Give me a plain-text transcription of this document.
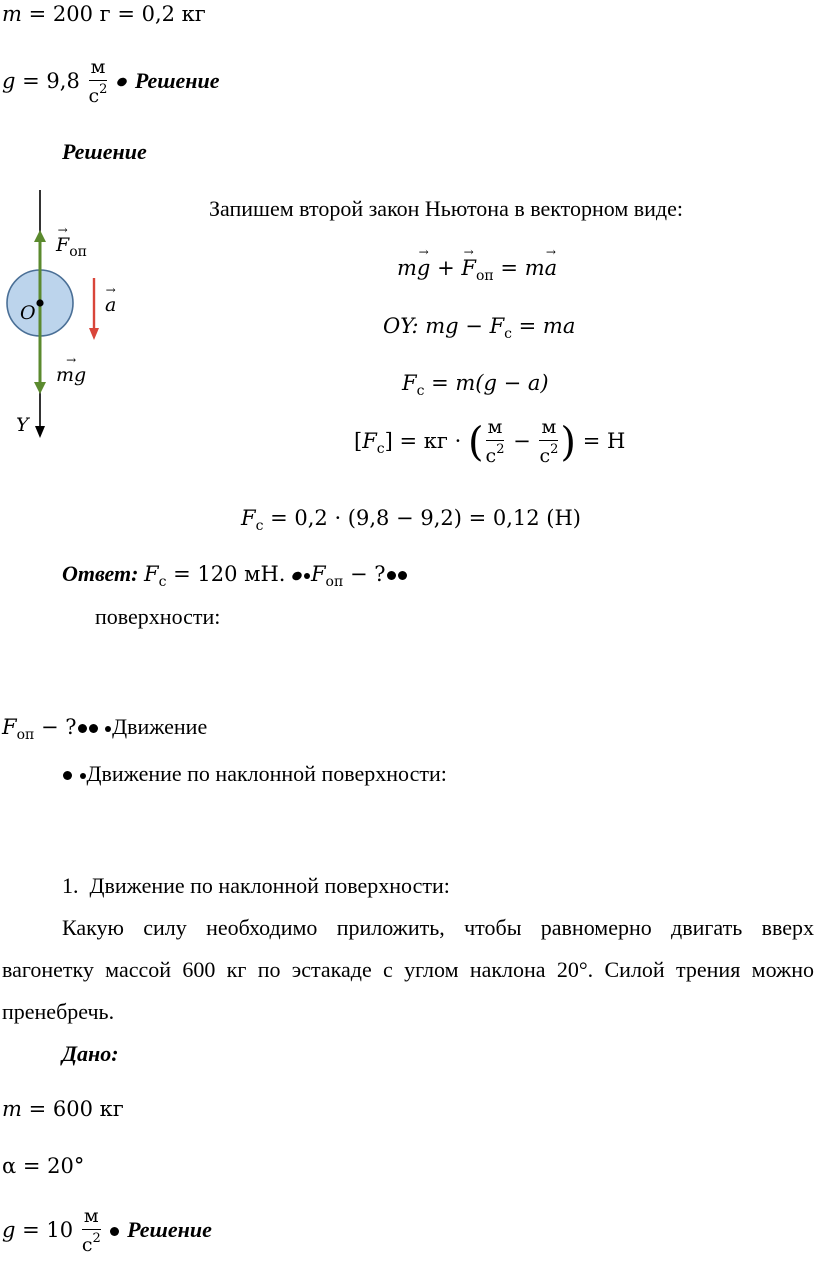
m = 200 г = 0,2 кг
$g = 9,8 \frac{м}{с^2}$ Решение
Решение
$F \to_{оп}$
a →
O
mg →
Y
Запишем второй закон Ньютона в векторном виде:
mg → + $F \to_{оп}$ = ma →
OY: mg − $F_с$ = ma
$F_с = m(g - a)$
$[F_с]$ = кг · ( $\frac{м}{с^2} - \frac{м}{с^2}$ ) = Н
$F_с = 0,2 \cdot (9,8 - 9,2) = 0,12$ (Н)
Ответ: $F_с = 120$ мН. $F_{оп}$ − ?
поверхности:
$F_{оп}$ − ? Движение
Движение по наклонной поверхности:
1. Движение по наклонной поверхности:
Какую силу необходимо приложить, чтобы равномерно двигать вверх
вагонетку массой 600 кг по эстакаде с углом наклона 20°. Силой трения можно
пренебречь.
Дано:
m = 600 кг
α = 20°
$g = 10 \frac{м}{с^2}$ Решение
